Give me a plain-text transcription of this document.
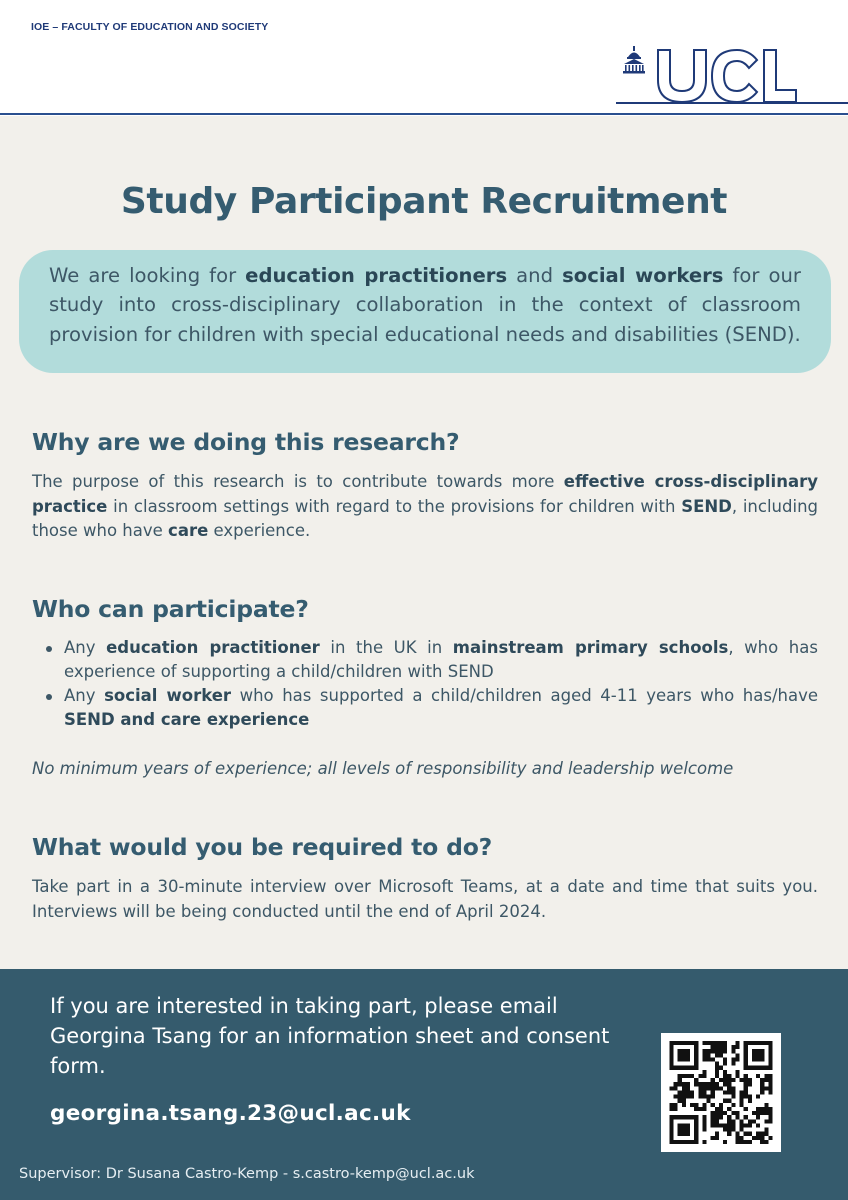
IOE – FACULTY OF EDUCATION AND SOCIETY
Study Participant Recruitment

We are looking for education practitioners and social workers for our study into cross-disciplinary collaboration in the context of classroom provision for children with special educational needs and disabilities (SEND).

Why are we doing this research?

The purpose of this research is to contribute towards more effective cross-disciplinary practice in classroom settings with regard to the provisions for children with SEND, including those who have care experience.

Who can participate?
Any education practitioner in the UK in mainstream primary schools, who has experience of supporting a child/children with SEND
Any social worker who has supported a child/children aged 4-11 years who has/have SEND and care experience

No minimum years of experience; all levels of responsibility and leadership welcome

What would you be required to do?

Take part in a 30-minute interview over Microsoft Teams, at a date and time that suits you. Interviews will be being conducted until the end of April 2024.

If you are interested in taking part, please email Georgina Tsang for an information sheet and consent form.

georgina.tsang.23@ucl.ac.uk
Supervisor: Dr Susana Castro-Kemp - s.castro-kemp@ucl.ac.uk
